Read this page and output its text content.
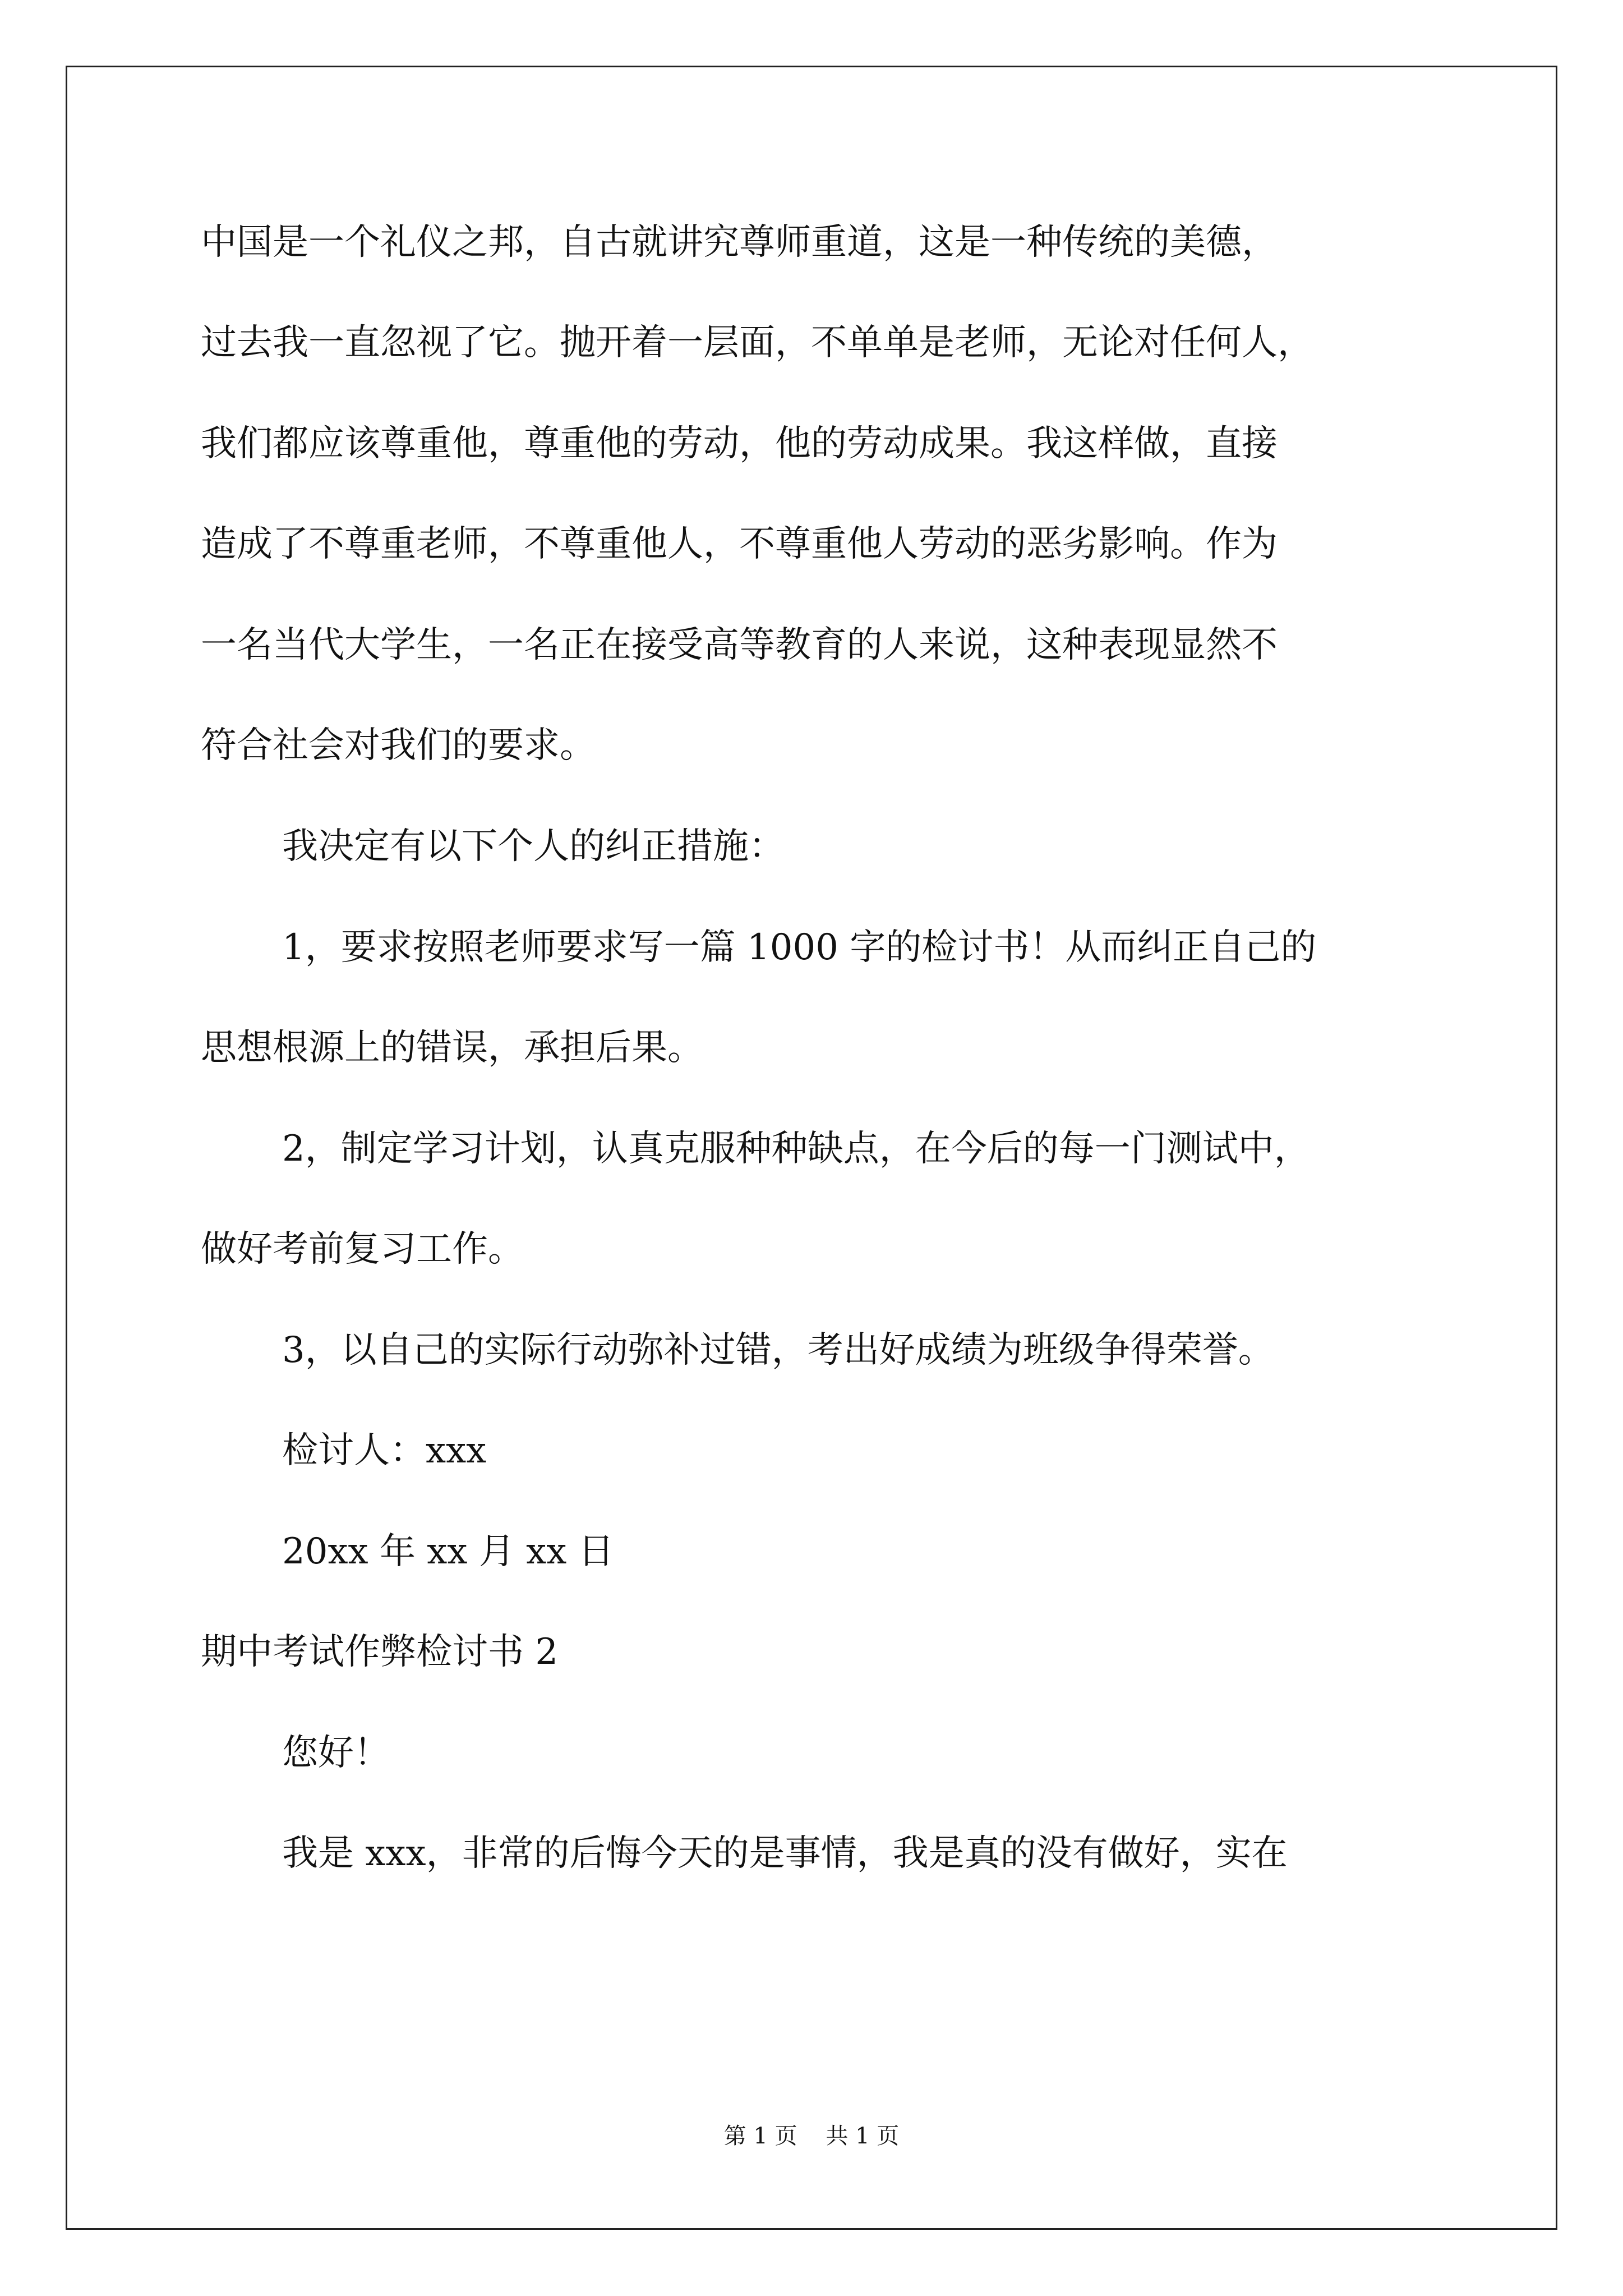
中国是一个礼仪之邦，自古就讲究尊师重道，这是一种传统的美德，
过去我一直忽视了它。抛开着一层面，不单单是老师，无论对任何人，
我们都应该尊重他，尊重他的劳动，他的劳动成果。我这样做，直接
造成了不尊重老师，不尊重他人，不尊重他人劳动的恶劣影响。作为
一名当代大学生，一名正在接受高等教育的人来说，这种表现显然不
符合社会对我们的要求。
我决定有以下个人的纠正措施：
1，要求按照老师要求写一篇 1000 字的检讨书！从而纠正自己的
思想根源上的错误，承担后果。
2，制定学习计划，认真克服种种缺点，在今后的每一门测试中，
做好考前复习工作。
3，以自己的实际行动弥补过错，考出好成绩为班级争得荣誉。
检讨人：xxx
20xx 年 xx 月 xx 日
期中考试作弊检讨书 2
您好！
我是 xxx，非常的后悔今天的是事情，我是真的没有做好，实在
第 1 页    共 1 页
